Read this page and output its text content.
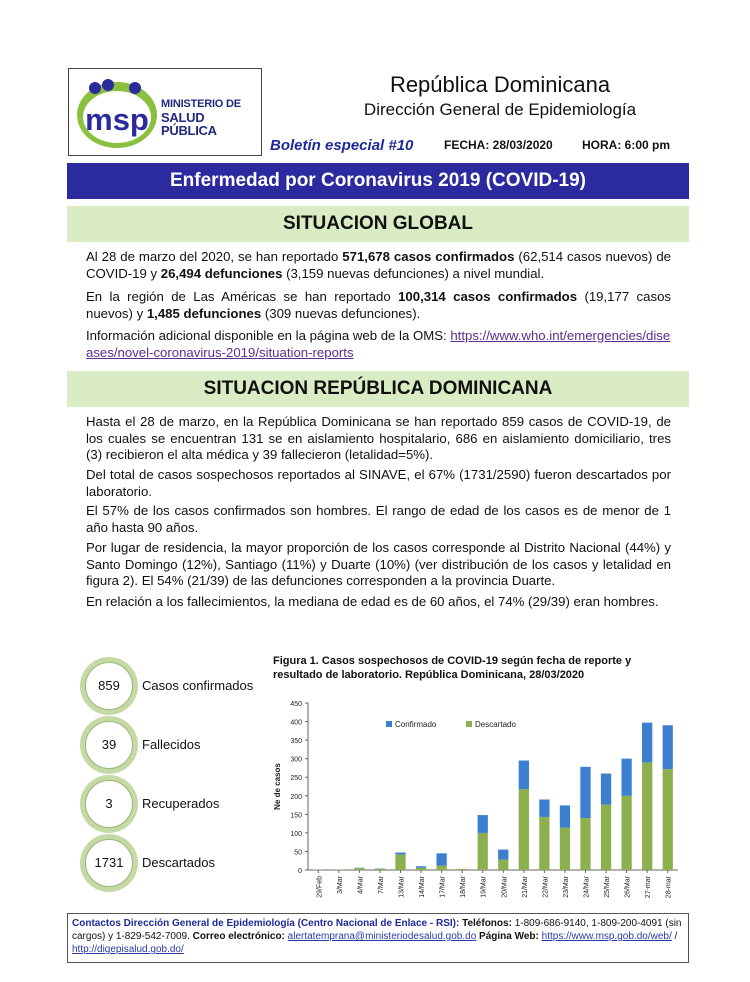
msp MINISTERIO DE
SALUD PÚBLICA
República Dominicana
Dirección General de Epidemiología
Boletín especial #10	FECHA: 28/03/2020 HORA: 6:00 pm
Enfermedad por Coronavirus 2019 (COVID-19)
SITUACION GLOBAL
Al 28 de marzo del 2020, se han reportado 571,678 casos confirmados (62,514 casos nuevos) de COVID-19 y 26,494 defunciones (3,159 nuevas defunciones) a nivel mundial.
En la región de Las Américas se han reportado 100,314 casos confirmados (19,177 casos nuevos) y 1,485 defunciones (309 nuevas defunciones).
Información adicional disponible en la página web de la OMS: https://www.who.int/emergencies/diseases/novel-coronavirus-2019/situation-reports
SITUACION REPÚBLICA DOMINICANA
Hasta el 28 de marzo, en la República Dominicana se han reportado 859 casos de COVID-19, de los cuales se encuentran 131 se en aislamiento hospitalario, 686 en aislamiento domiciliario, tres (3) recibieron el alta médica y 39 fallecieron (letalidad=5%).
Del total de casos sospechosos reportados al SINAVE, el 67% (1731/2590) fueron descartados por laboratorio.
El 57% de los casos confirmados son hombres. El rango de edad de los casos es de menor de 1 año hasta 90 años.
Por lugar de residencia, la mayor proporción de los casos corresponde al Distrito Nacional (44%) y Santo Domingo (12%), Santiago (11%) y Duarte (10%) (ver distribución de los casos y letalidad en figura 2). El 54% (21/39) de las defunciones corresponden a la provincia Duarte.
En relación a los fallecimientos, la mediana de edad es de 60 años, el 74% (29/39) eran hombres.
859	Casos confirmados
39	Fallecidos
3	Recuperados
1731	Descartados
Figura 1. Casos sospechosos de COVID-19 según fecha de reporte y resultado de laboratorio. República Dominicana, 28/03/2020
0
50
100
150
200
250
300
350
400
450
Ne de casos
29/Feb 3/Mar 4/Mar 7/Mar 13/Mar 14/Mar 17/Mar 18/Mar 19/Mar 20/Mar 21/Mar 22/Mar 23/Mar 24/Mar 25/Mar 26/Mar 27-mar 28-mar
Confirmado	Descartado
Contactos Dirección General de Epidemiología (Centro Nacional de Enlace - RSI): Teléfonos: 1-809-686-9140, 1-809-200-4091 (sin cargos) y 1-829-542-7009. Correo electrónico: alertatemprana@ministeriodesalud.gob.do Página Web: https://www.msp.gob.do/web/ / http://digepisalud.gob.do/
